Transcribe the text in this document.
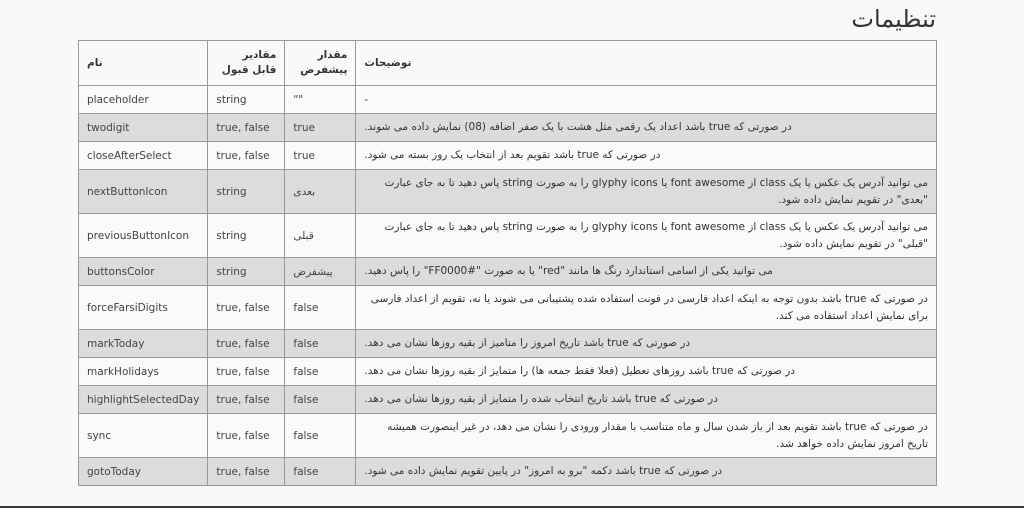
تنظیمات
نام	مقادیر قابل قبول	مقدار پیشفرض	توضیحات
placeholder	string	""	-
twodigit	true, false	true	در صورتی که true باشد اعداد یک رقمی مثل هشت با یک صفر اضافه (08) نمایش داده می شوند.

closeAfterSelect	true, false	true	در صورتی که true باشد تقویم بعد از انتخاب یک روز بسته می شود.

nextButtonIcon	string	بعدی	می توانید آدرس یک عکس یا یک class از font awesome یا glyphy icons را به صورت string پاس دهید تا به جای عبارت "بعدی" در تقویم نمایش داده شود.

previousButtonIcon	string	قبلی	می توانید آدرس یک عکس یا یک class از font awesome یا glyphy icons را به صورت string پاس دهید تا به جای عبارت "قبلی" در تقویم نمایش داده شود.

buttonsColor	string	پیشفرض	می توانید یکی از اسامی استاندارد رنگ ها مانند "red" یا به صورت "#FF0000" را پاس دهید.

forceFarsiDigits	true, false	false	در صورتی که true باشد بدون توجه به اینکه اعداد فارسی در فونت استفاده شده پشتیبانی می شوند یا نه، تقویم از اعداد فارسی برای نمایش اعداد استفاده می کند.

markToday	true, false	false	در صورتی که true باشد تاریخ امروز را متامیز از بقیه روزها نشان می دهد.

markHolidays	true, false	false	در صورتی که true باشد روزهای تعطیل (فعلا فقط جمعه ها) را متمایز از بقیه روزها نشان می دهد.

highlightSelectedDay	true, false	false	در صورتی که true باشد تاریخ انتخاب شده را متمایز از بقیه روزها نشان می دهد.

sync	true, false	false	در صورتی که true باشد تقویم بعد از باز شدن سال و ماه متناسب با مقدار ورودی را نشان می دهد، در غیر اینصورت همیشه تاریخ امروز نمایش داده خواهد شد.

gotoToday	true, false	false	در صورتی که true باشد دکمه "برو به امروز" در پایین تقویم نمایش داده می شود.
